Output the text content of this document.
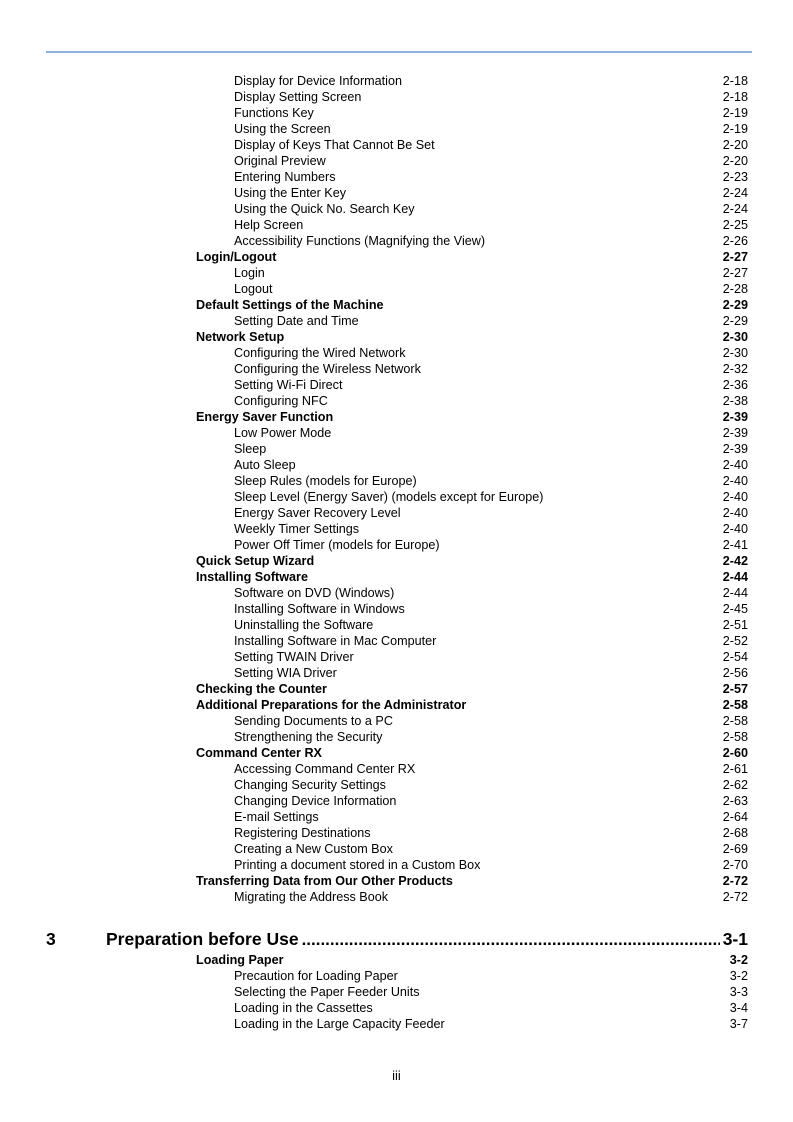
Display for Device Information	2-18
Display Setting Screen	2-18
Functions Key	2-19
Using the Screen	2-19
Display of Keys That Cannot Be Set	2-20
Original Preview	2-20
Entering Numbers	2-23
Using the Enter Key	2-24
Using the Quick No. Search Key	2-24
Help Screen	2-25
Accessibility Functions (Magnifying the View)	2-26
Login/Logout	2-27
Login	2-27
Logout	2-28
Default Settings of the Machine	2-29
Setting Date and Time	2-29
Network Setup	2-30
Configuring the Wired Network	2-30
Configuring the Wireless Network	2-32
Setting Wi-Fi Direct	2-36
Configuring NFC	2-38
Energy Saver Function	2-39
Low Power Mode	2-39
Sleep	2-39
Auto Sleep	2-40
Sleep Rules (models for Europe)	2-40
Sleep Level (Energy Saver) (models except for Europe)	2-40
Energy Saver Recovery Level	2-40
Weekly Timer Settings	2-40
Power Off Timer (models for Europe)	2-41
Quick Setup Wizard	2-42
Installing Software	2-44
Software on DVD (Windows)	2-44
Installing Software in Windows	2-45
Uninstalling the Software	2-51
Installing Software in Mac Computer	2-52
Setting TWAIN Driver	2-54
Setting WIA Driver	2-56
Checking the Counter	2-57
Additional Preparations for the Administrator	2-58
Sending Documents to a PC	2-58
Strengthening the Security	2-58
Command Center RX	2-60
Accessing Command Center RX	2-61
Changing Security Settings	2-62
Changing Device Information	2-63
E-mail Settings	2-64
Registering Destinations	2-68
Creating a New Custom Box	2-69
Printing a document stored in a Custom Box	2-70
Transferring Data from Our Other Products	2-72
Migrating the Address Book	2-72
3	Preparation before Use .....	3-1
Loading Paper	3-2
Precaution for Loading Paper	3-2
Selecting the Paper Feeder Units	3-3
Loading in the Cassettes	3-4
Loading in the Large Capacity Feeder	3-7
iii
